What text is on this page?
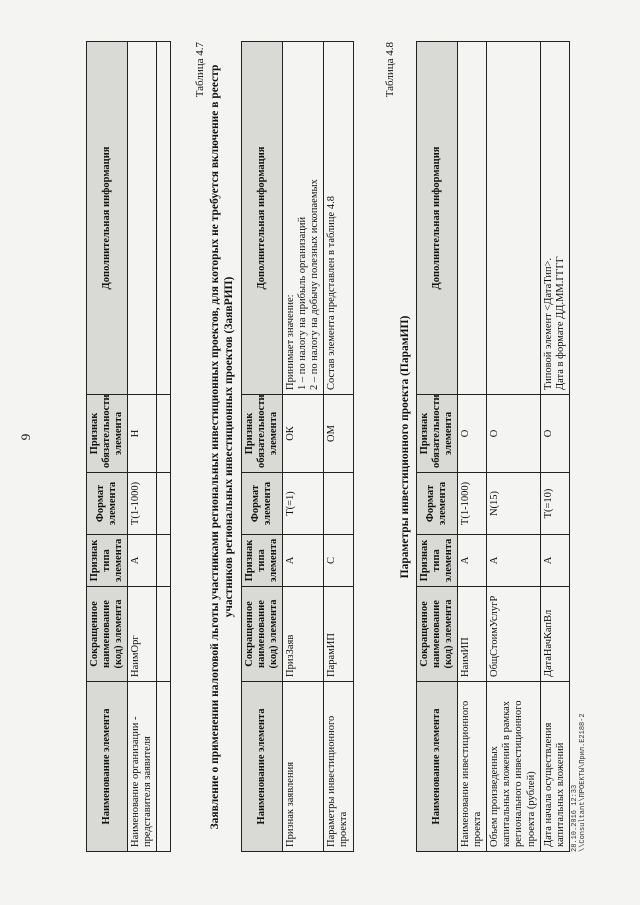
9
Наименование элемента	Сокращенное наименование (код) элемента	Признак типа элемента	Формат элемента	Признак обязательности элемента	Дополнительная информация
Наименование организации - представителя заявителя	НаимОрг	А	T(1-1000)	Н	

Таблица 4.7 Заявление о применении налоговой льготы участниками региональных инвестиционных проектов, для которых не требуется включение в реестр участников региональных инвестиционных проектов (ЗаявРИП)
Наименование элемента	Сокращенное наименование (код) элемента	Признак типа элемента	Формат элемента	Признак обязательности элемента	Дополнительная информация
Признак заявления	ПризЗаяв	А	T(=1)	ОК	Принимает значение:
1 – по налогу на прибыль организаций
2 – по налогу на добычу полезных ископаемых
Параметры инвестиционного проекта	ПарамИП	С		ОМ	Состав элемента представлен в таблице 4.8
Таблица 4.8
Параметры инвестиционного проекта (ПарамИП)
Наименование элемента	Сокращенное наименование (код) элемента	Признак типа элемента	Формат элемента	Признак обязательности элемента	Дополнительная информация
Наименование инвестиционного проекта	НаимИП	А	T(1-1000)	О	
Объем произведенных капитальных вложений в рамках регионального инвестиционного проекта (рублей)	ОбщСтоимУслугР	А	N(15)	О	
Дата начала осуществления капитальных вложений	ДатаНачКапВл	А	T(=10)	О	Типовой элемент <ДатаТип>.
Дата в формате ДД.ММ.ГГГГ
28.10.2016 12:33 \\Consultant\ПРОЕКТЫ\Прил.Е2188-2
